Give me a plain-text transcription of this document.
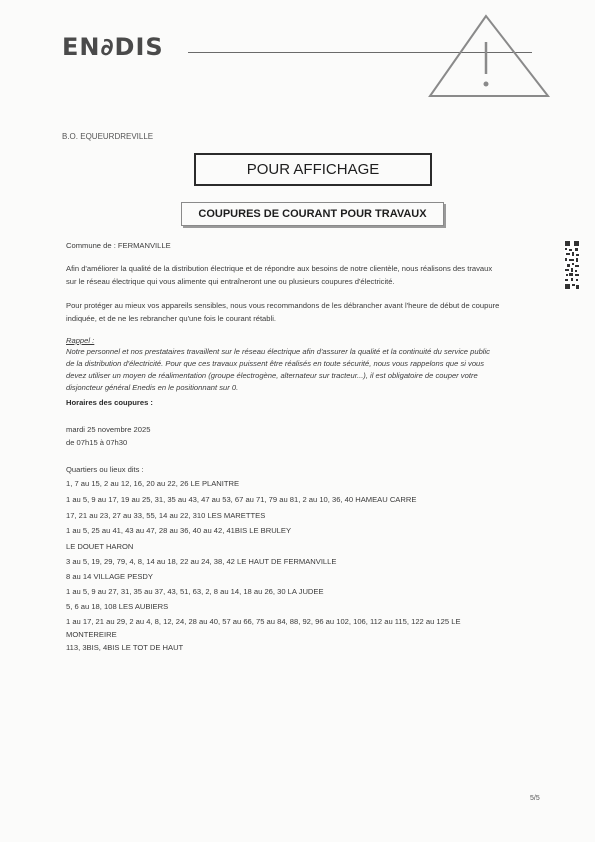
EN∂DIS
B.O. EQUEURDREVILLE
POUR AFFICHAGE
COUPURES DE COURANT POUR TRAVAUX
Commune de : FERMANVILLE
Afin d'améliorer la qualité de la distribution électrique et de répondre aux besoins de notre clientèle, nous réalisons des travaux
sur le réseau électrique qui vous alimente qui entraîneront une ou plusieurs coupures d'électricité.
Pour protéger au mieux vos appareils sensibles, nous vous recommandons de les débrancher avant l'heure de début de coupure
indiquée, et de ne les rebrancher qu'une fois le courant rétabli.
Rappel :
Notre personnel et nos prestataires travaillent sur le réseau électrique afin d'assurer la qualité et la continuité du service public
de la distribution d'électricité. Pour que ces travaux puissent être réalisés en toute sécurité, nous vous rappelons que si vous
devez utiliser un moyen de réalimentation (groupe électrogène, alternateur sur tracteur...), il est obligatoire de couper votre
disjoncteur général Enedis en le positionnant sur 0.
Horaires des coupures :
mardi 25 novembre 2025
de 07h15 à 07h30
Quartiers ou lieux dits :
1, 7 au 15, 2 au 12, 16, 20 au 22, 26 LE PLANITRE
1 au 5, 9 au 17, 19 au 25, 31, 35 au 43, 47 au 53, 67 au 71, 79 au 81, 2 au 10, 36, 40 HAMEAU CARRE
17, 21 au 23, 27 au 33, 55, 14 au 22, 310 LES MARETTES
1 au 5, 25 au 41, 43 au 47, 28 au 36, 40 au 42, 41BIS LE BRULEY
LE DOUET HARON
3 au 5, 19, 29, 79, 4, 8, 14 au 18, 22 au 24, 38, 42 LE HAUT DE FERMANVILLE
8 au 14 VILLAGE PESDY
1 au 5, 9 au 27, 31, 35 au 37, 43, 51, 63, 2, 8 au 14, 18 au 26, 30 LA JUDEE
5, 6 au 18, 108 LES AUBIERS
1 au 17, 21 au 29, 2 au 4, 8, 12, 24, 28 au 40, 57 au 66, 75 au 84, 88, 92, 96 au 102, 106, 112 au 115, 122 au 125 LE
MONTEREIRE
113, 3BIS, 4BIS LE TOT DE HAUT
5/5
